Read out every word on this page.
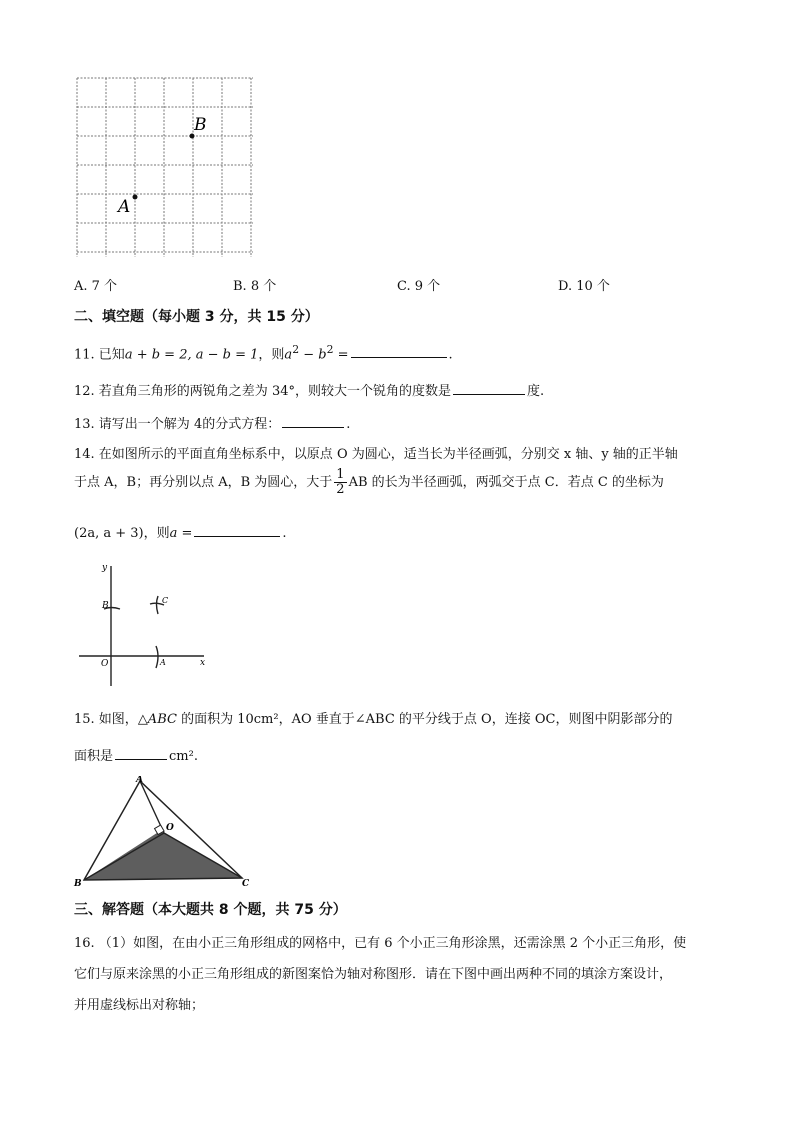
A
B
A. 7 个	B. 8 个	C. 9 个	D. 10 个
二、填空题（每小题 3 分，共 15 分）
11. 已知a + b = 2, a − b = 1，则$a^2 - b^2$ =	.
12. 若直角三角形的两锐角之差为 34°，则较大一个锐角的度数是	度.
13. 请写出一个解为 4的分式方程：	.
14. 在如图所示的平面直角坐标系中，以原点 O 为圆心，适当长为半径画弧，分别交 x 轴、y 轴的正半轴
于点 A，B；再分别以点 A，B 为圆心，大于 $\frac{1}{2}$ AB 的长为半径画弧，两弧交于点 C．若点 C 的坐标为
(2a, a + 3)，则a =	.
y
x
O	A
B
C
15. 如图，△ABC 的面积为 10cm²，AO 垂直于∠ABC 的平分线于点 O，连接 OC，则图中阴影部分的
面积是	cm².
A
O
B	C
三、解答题（本大题共 8 个题，共 75 分）
16. （1）如图，在由小正三角形组成的网格中，已有 6 个小正三角形涂黑，还需涂黑 2 个小正三角形，使
它们与原来涂黑的小正三角形组成的新图案恰为轴对称图形．请在下图中画出两种不同的填涂方案设计，
并用虚线标出对称轴；
